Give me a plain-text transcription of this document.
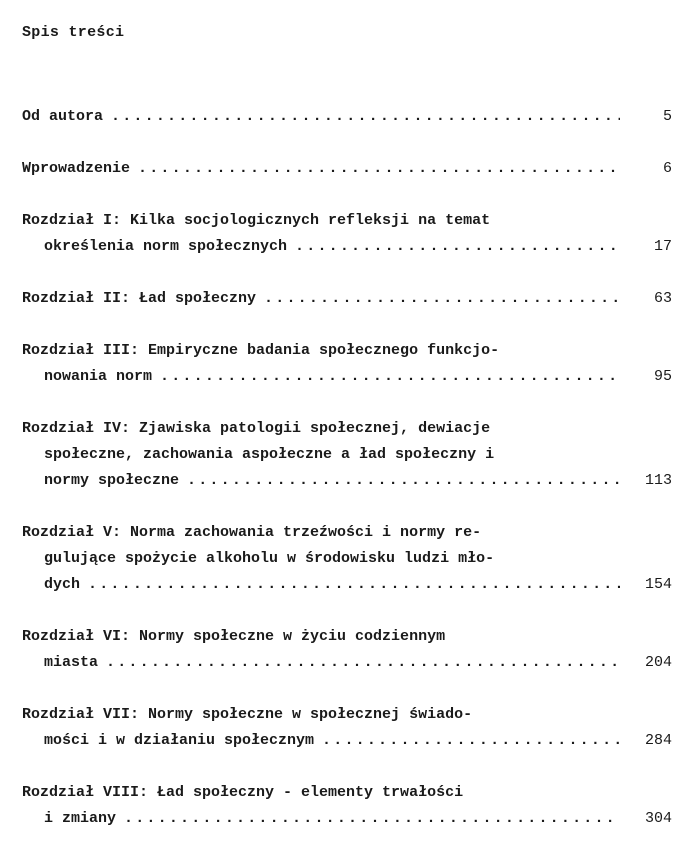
Spis treści
Od autora .....	5
Wprowadzenie .....	6
Rozdział I: Kilka socjologicznych refleksji na temat
określenia norm społecznych .....	17
Rozdział II: Ład społeczny .....	63
Rozdział III: Empiryczne badania społecznego funkcjo-
nowania norm .....	95
Rozdział IV: Zjawiska patologii społecznej, dewiacje
społeczne, zachowania aspołeczne a ład społeczny i
normy społeczne .....	113
Rozdział V: Norma zachowania trzeźwości i normy re-
gulujące spożycie alkoholu w środowisku ludzi mło-
dych .....	154
Rozdział VI: Normy społeczne w życiu codziennym
miasta .....	204
Rozdział VII: Normy społeczne w społecznej świado-
mości i w działaniu społecznym .....	284
Rozdział VIII: Ład społeczny - elementy trwałości
i zmiany .....	304
